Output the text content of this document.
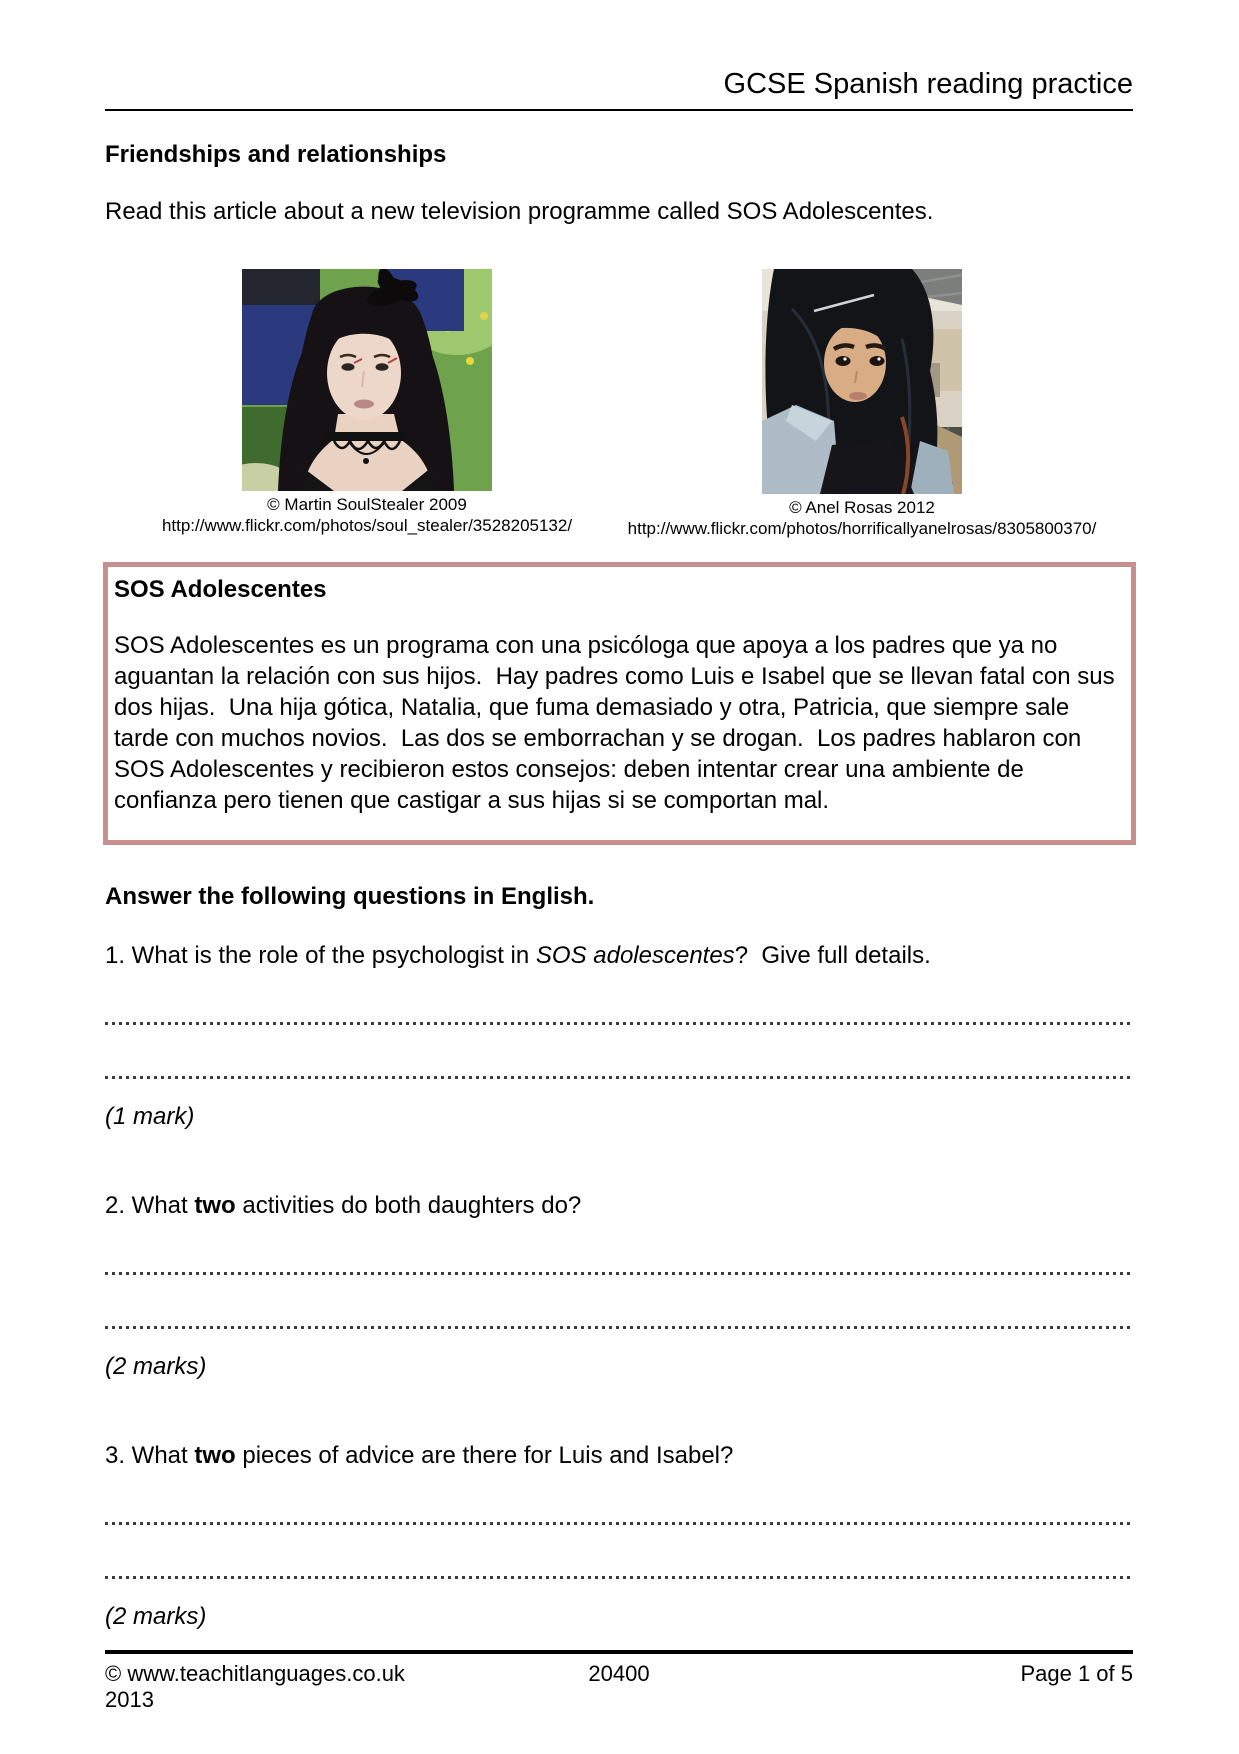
GCSE Spanish reading practice
Friendships and relationships
Read this article about a new television programme called SOS Adolescentes.
© Martin SoulStealer 2009
http://www.flickr.com/photos/soul_stealer/3528205132/
© Anel Rosas 2012
http://www.flickr.com/photos/horrificallyanelrosas/8305800370/
SOS Adolescentes
SOS Adolescentes es un programa con una psicóloga que apoya a los padres que ya no aguantan la relación con sus hijos.  Hay padres como Luis e Isabel que se llevan fatal con sus dos hijas.  Una hija gótica, Natalia, que fuma demasiado y otra, Patricia, que siempre sale tarde con muchos novios.  Las dos se emborrachan y se drogan.  Los padres hablaron con SOS Adolescentes y recibieron estos consejos: deben intentar crear una ambiente de confianza pero tienen que castigar a sus hijas si se comportan mal.
Answer the following questions in English.
1. What is the role of the psychologist in SOS adolescentes?  Give full details.
(1 mark)
2. What two activities do both daughters do?
(2 marks)
3. What two pieces of advice are there for Luis and Isabel?
(2 marks)
© www.teachitlanguages.co.uk 2013
20400	Page 1 of 5
